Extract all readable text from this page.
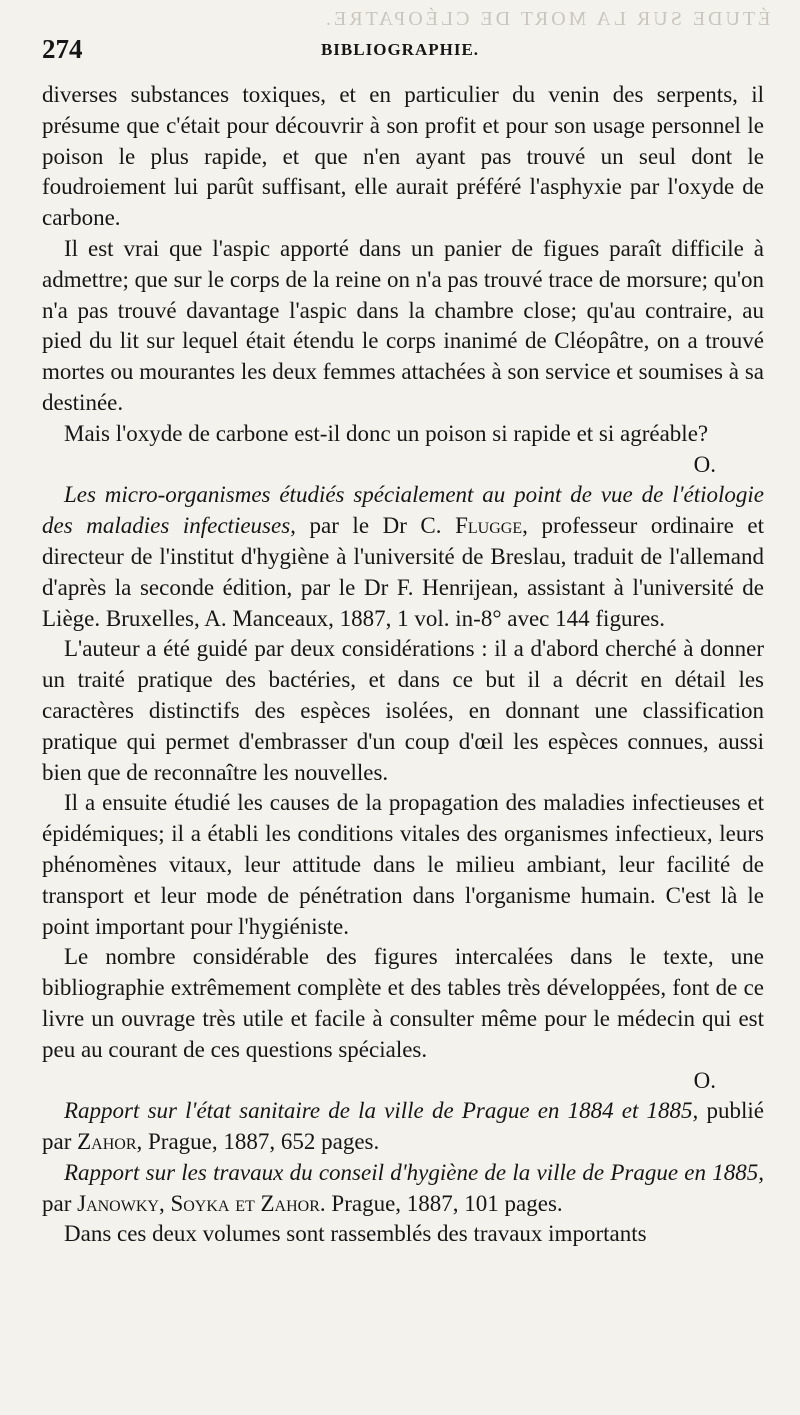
ÉTUDE SUR LA MORT DE CLÉOPATRE.
274	BIBLIOGRAPHIE.

diverses substances toxiques, et en particulier du venin des serpents, il présume que c'était pour découvrir à son profit et pour son usage personnel le poison le plus rapide, et que n'en ayant pas trouvé un seul dont le foudroiement lui parût suffisant, elle aurait préféré l'asphyxie par l'oxyde de carbone.

Il est vrai que l'aspic apporté dans un panier de figues paraît difficile à admettre; que sur le corps de la reine on n'a pas trouvé trace de morsure; qu'on n'a pas trouvé davantage l'aspic dans la chambre close; qu'au contraire, au pied du lit sur lequel était étendu le corps inanimé de Cléopâtre, on a trouvé mortes ou mourantes les deux femmes attachées à son service et soumises à sa destinée.

Mais l'oxyde de carbone est-il donc un poison si rapide et si agréable?
O.

Les micro-organismes étudiés spécialement au point de vue de l'étiologie des maladies infectieuses, par le Dr C. Flugge, professeur ordinaire et directeur de l'institut d'hygiène à l'université de Breslau, traduit de l'allemand d'après la seconde édition, par le Dr F. Henrijean, assistant à l'université de Liège. Bruxelles, A. Manceaux, 1887, 1 vol. in-8° avec 144 figures.

L'auteur a été guidé par deux considérations : il a d'abord cherché à donner un traité pratique des bactéries, et dans ce but il a décrit en détail les caractères distinctifs des espèces isolées, en donnant une classification pratique qui permet d'embrasser d'un coup d'œil les espèces connues, aussi bien que de reconnaître les nouvelles.

Il a ensuite étudié les causes de la propagation des maladies infectieuses et épidémiques; il a établi les conditions vitales des organismes infectieux, leurs phénomènes vitaux, leur attitude dans le milieu ambiant, leur facilité de transport et leur mode de pénétration dans l'organisme humain. C'est là le point important pour l'hygiéniste.

Le nombre considérable des figures intercalées dans le texte, une bibliographie extrêmement complète et des tables très développées, font de ce livre un ouvrage très utile et facile à consulter même pour le médecin qui est peu au courant de ces questions spéciales.
O.

Rapport sur l'état sanitaire de la ville de Prague en 1884 et 1885, publié par Zahor, Prague, 1887, 652 pages.

Rapport sur les travaux du conseil d'hygiène de la ville de Prague en 1885, par Janowky, Soyka et Zahor. Prague, 1887, 101 pages.

Dans ces deux volumes sont rassemblés des travaux importants
